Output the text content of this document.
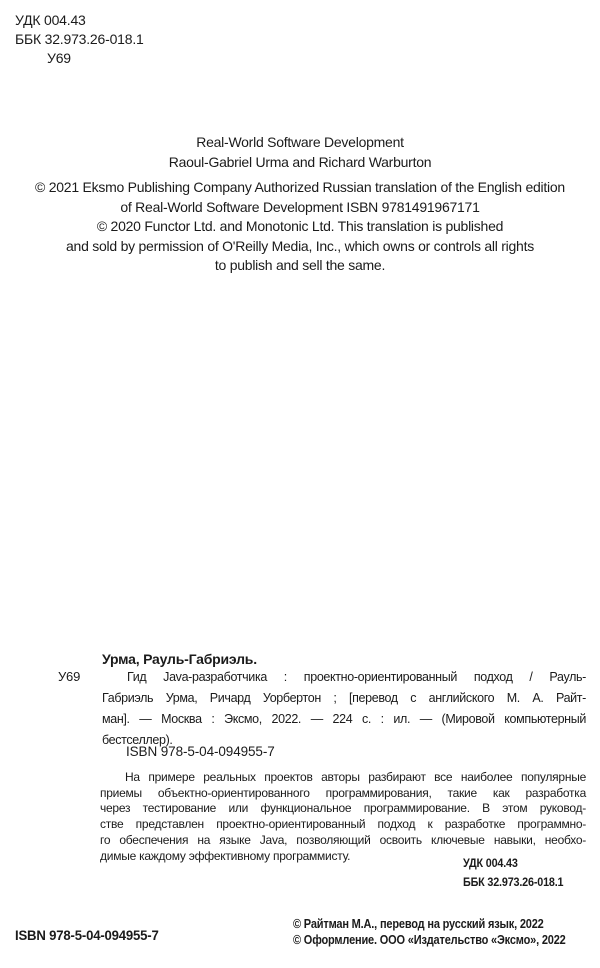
УДК 004.43
ББК 32.973.26-018.1
У69
Real-World Software Development
Raoul-Gabriel Urma and Richard Warburton
© 2021 Eksmo Publishing Company Authorized Russian translation of the English edition
of Real-World Software Development ISBN 9781491967171
© 2020 Functor Ltd. and Monotonic Ltd. This translation is published
and sold by permission of O'Reilly Media, Inc., which owns or controls all rights
to publish and sell the same.
Урма, Рауль-Габриэль.
У69	Гид Java-разработчика : проектно-ориентированный подход / Рауль-
Габриэль Урма, Ричард Уорбертон ; [перевод с английского М. А. Райт-
ман]. — Москва : Эксмо, 2022. — 224 с. : ил. — (Мировой компьютерный
бестселлер).
ISBN 978-5-04-094955-7
На примере реальных проектов авторы разбирают все наиболее популярные
приемы объектно-ориентированного программирования, такие как разработка
через тестирование или функциональное программирование. В этом руковод-
стве представлен проектно-ориентированный подход к разработке программно-
го обеспечения на языке Java, позволяющий освоить ключевые навыки, необхо-
димые каждому эффективному программисту.
УДК 004.43
ББК 32.973.26-018.1
ISBN 978-5-04-094955-7
© Райтман М.А., перевод на русский язык, 2022
© Оформление. ООО «Издательство «Эксмо», 2022
